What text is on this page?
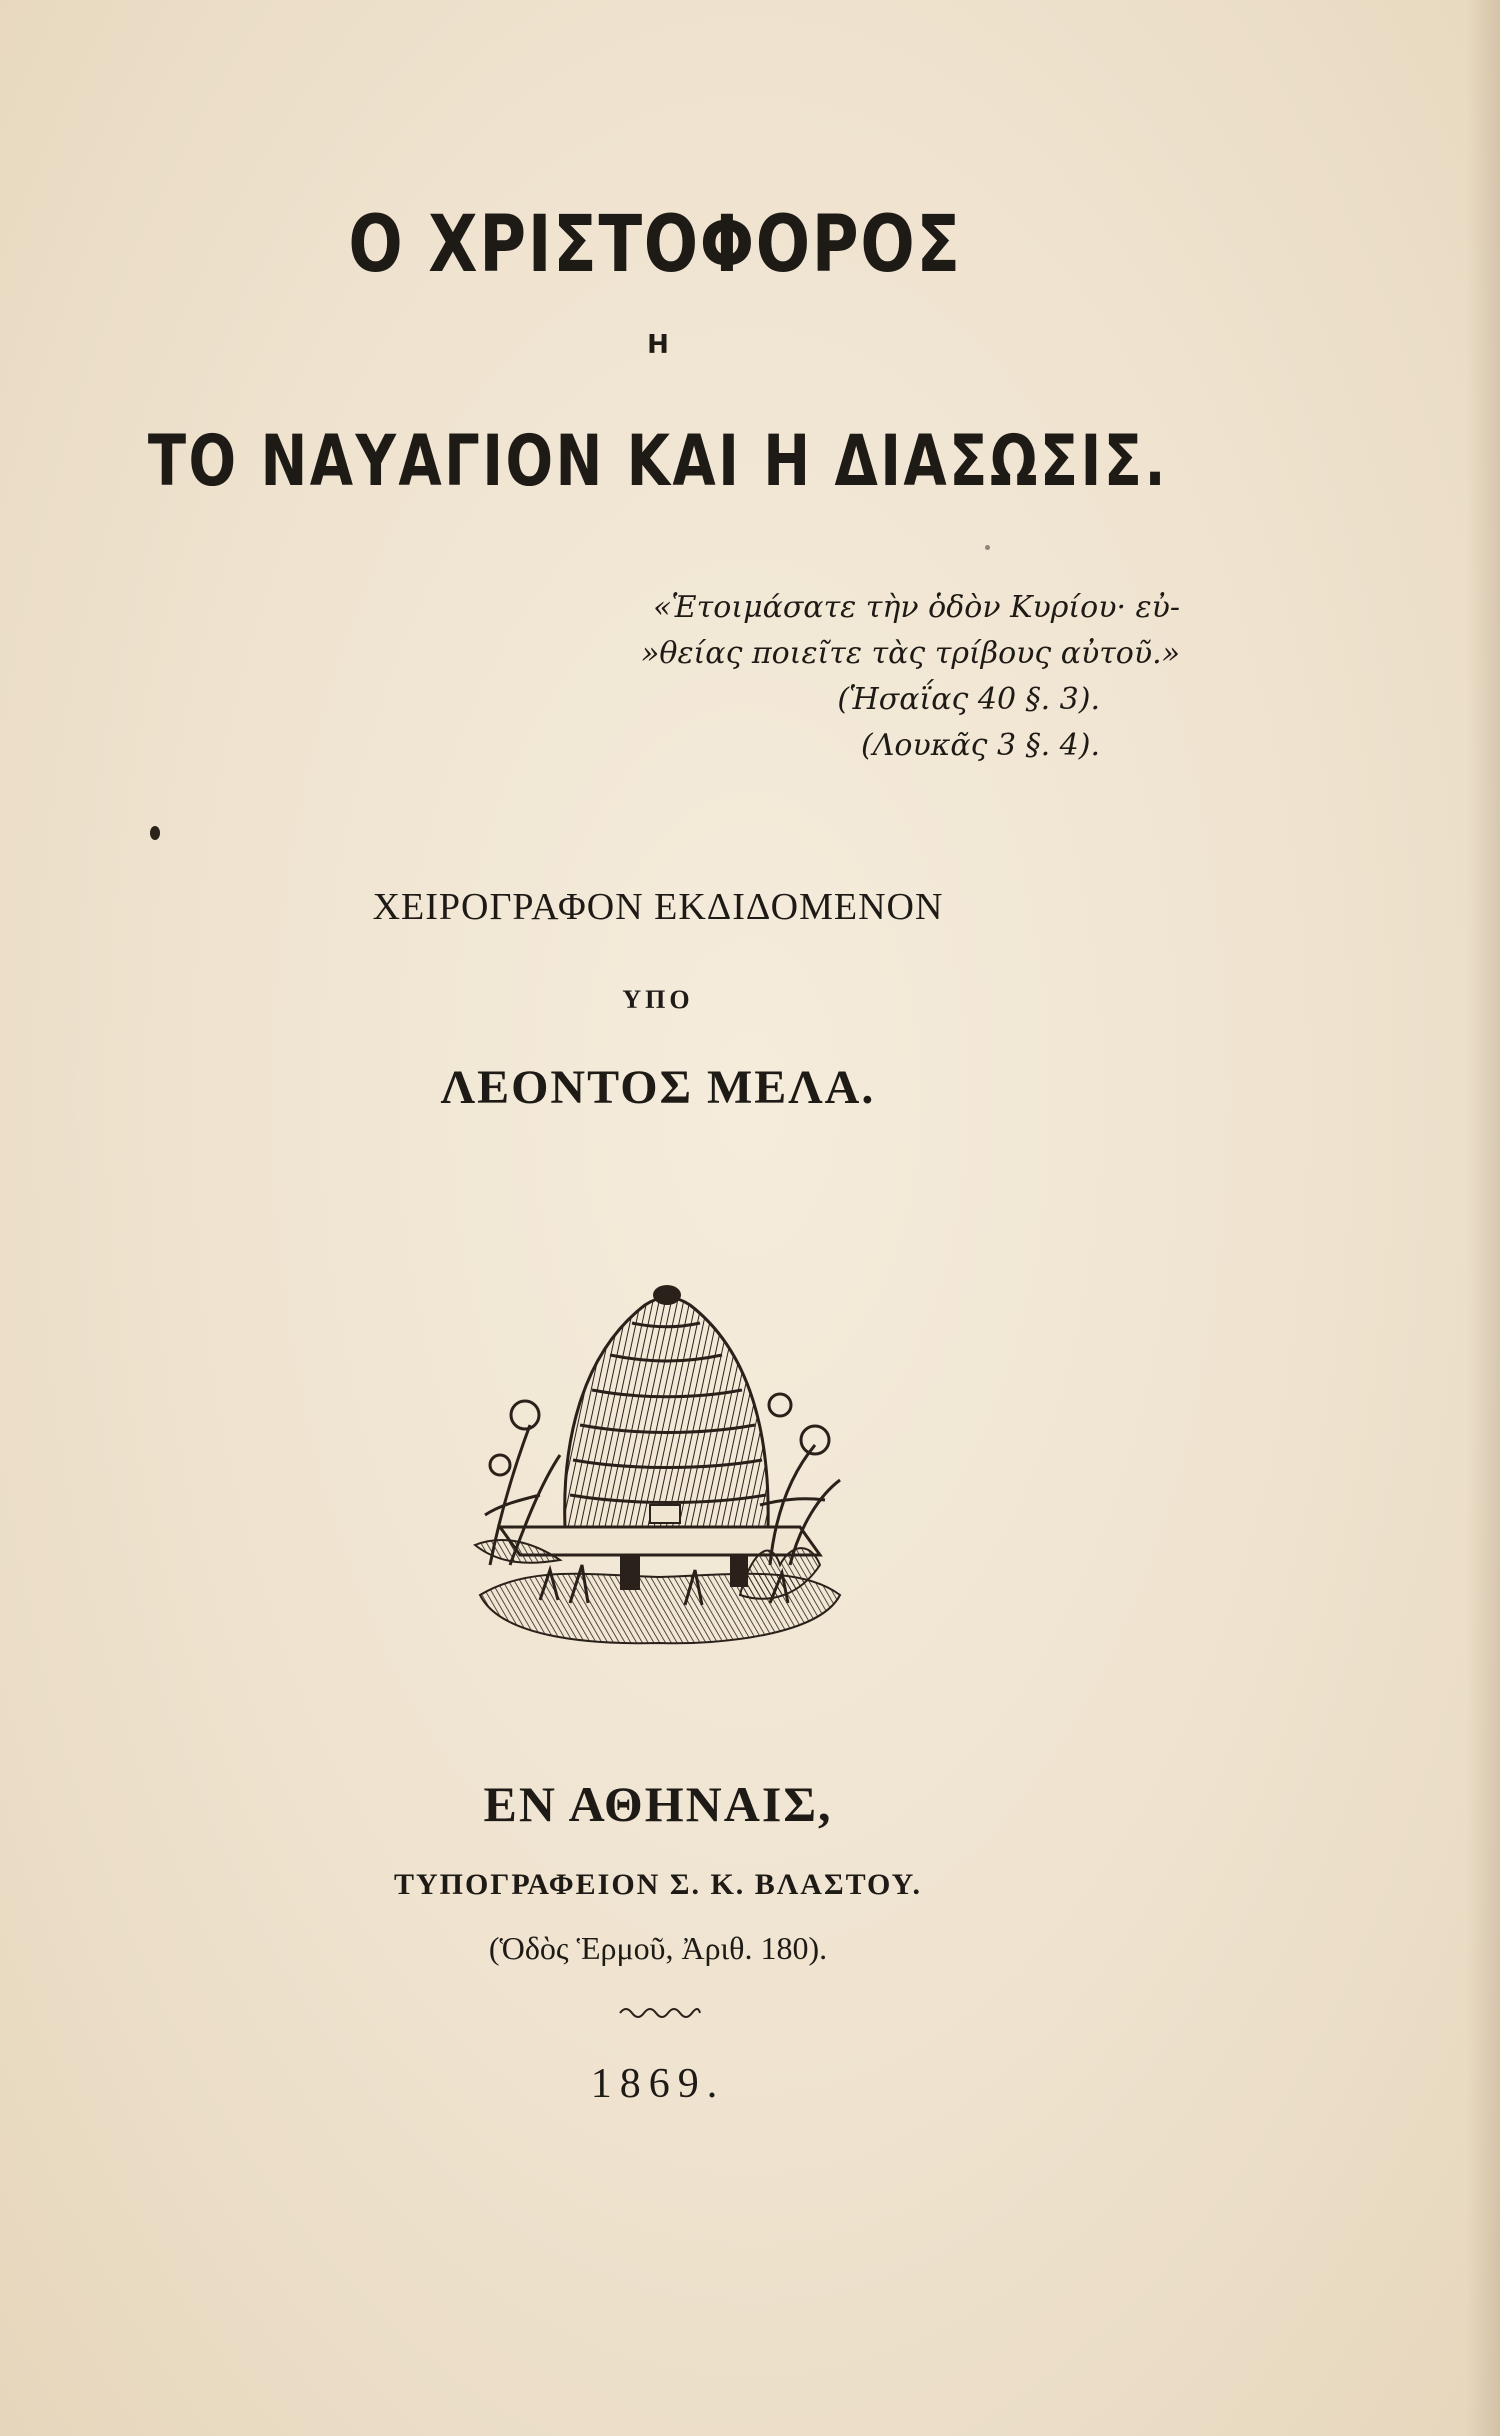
Ο ΧΡΙΣΤΟΦΟΡΟΣ
Η
ΤΟ ΝΑΥΑΓΙΟΝ ΚΑΙ Η ΔΙΑΣΩΣΙΣ.
«Ἑτοιμάσατε τὴν ὁδὸν Κυρίου· εὐ-
»θείας ποιεῖτε τὰς τρίβους αὐτοῦ.»
(Ἡσαΐας 40 §. 3).
(Λουκᾶς 3 §. 4).
ΧΕΙΡΟΓΡΑΦΟΝ ΕΚΔΙΔΟΜΕΝΟΝ
ΥΠΟ
ΛΕΟΝΤΟΣ ΜΕΛΑ.
ΕΝ ΑΘΗΝΑΙΣ,
ΤΥΠΟΓΡΑΦΕΙΟΝ Σ. Κ. ΒΛΑΣΤΟΥ.
(Ὁδὸς Ἑρμοῦ, Ἀριθ. 180).
1869.
